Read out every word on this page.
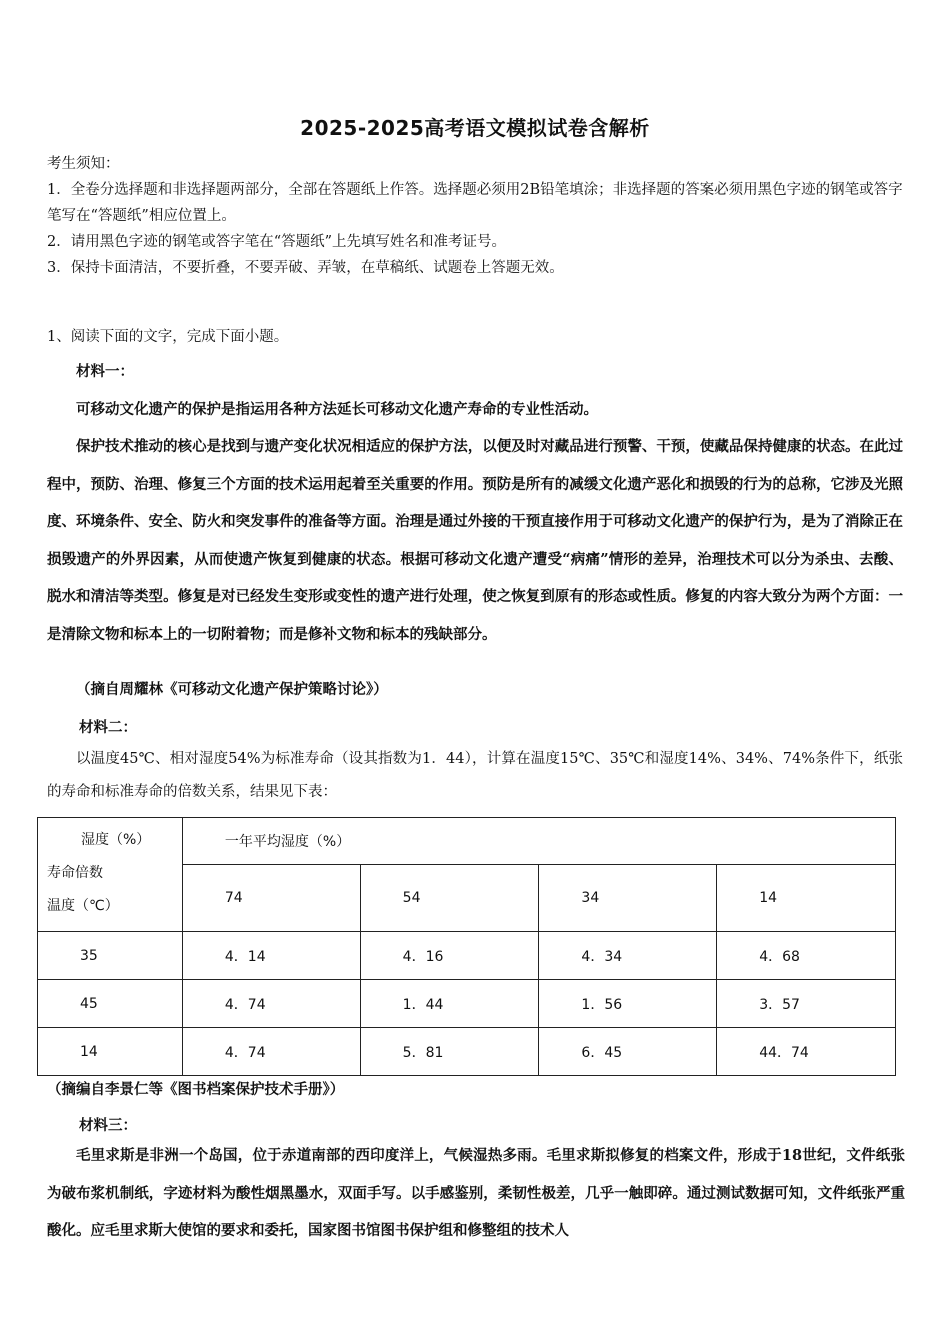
2025-2025高考语文模拟试卷含解析

考生须知：

1．全卷分选择题和非选择题两部分，全部在答题纸上作答。选择题必须用2B铅笔填涂；非选择题的答案必须用黑色字迹的钢笔或答字笔写在“答题纸”相应位置上。

2．请用黑色字迹的钢笔或答字笔在“答题纸”上先填写姓名和准考证号。

3．保持卡面清洁，不要折叠，不要弄破、弄皱，在草稿纸、试题卷上答题无效。

1、阅读下面的文字，完成下面小题。

材料一：

可移动文化遗产的保护是指运用各种方法延长可移动文化遗产寿命的专业性活动。

保护技术推动的核心是找到与遗产变化状况相适应的保护方法，以便及时对藏品进行预警、干预，使藏品保持健康的状态。在此过程中，预防、治理、修复三个方面的技术运用起着至关重要的作用。预防是所有的减缓文化遗产恶化和损毁的行为的总称，它涉及光照度、环境条件、安全、防火和突发事件的准备等方面。治理是通过外接的干预直接作用于可移动文化遗产的保护行为，是为了消除正在损毁遗产的外界因素，从而使遗产恢复到健康的状态。根据可移动文化遗产遭受“病痛”情形的差异，治理技术可以分为杀虫、去酸、脱水和清洁等类型。修复是对已经发生变形或变性的遗产进行处理，使之恢复到原有的形态或性质。修复的内容大致分为两个方面：一是清除文物和标本上的一切附着物；而是修补文物和标本的残缺部分。

（摘自周耀林《可移动文化遗产保护策略讨论》）
材料二：

以温度45℃、相对湿度54%为标准寿命（设其指数为1．44），计算在温度15℃、35℃和湿度14%、34%、74%条件下，纸张的寿命和标准寿命的倍数关系，结果见下表：

湿度（%）
寿命倍数
温度（℃）	一年平均湿度（%）			
	74	54	34	14
35	4．14	4．16	4．34	4．68
45	4．74	1．44	1．56	3．57
14	4．74	5．81	6．45	44．74
（摘编自李景仁等《图书档案保护技术手册》）
材料三：

毛里求斯是非洲一个岛国，位于赤道南部的西印度洋上，气候湿热多雨。毛里求斯拟修复的档案文件，形成于18世纪，文件纸张为破布浆机制纸，字迹材料为酸性烟黑墨水，双面手写。以手感鉴别，柔韧性极差，几乎一触即碎。通过测试数据可知，文件纸张严重酸化。应毛里求斯大使馆的要求和委托，国家图书馆图书保护组和修整组的技术人
